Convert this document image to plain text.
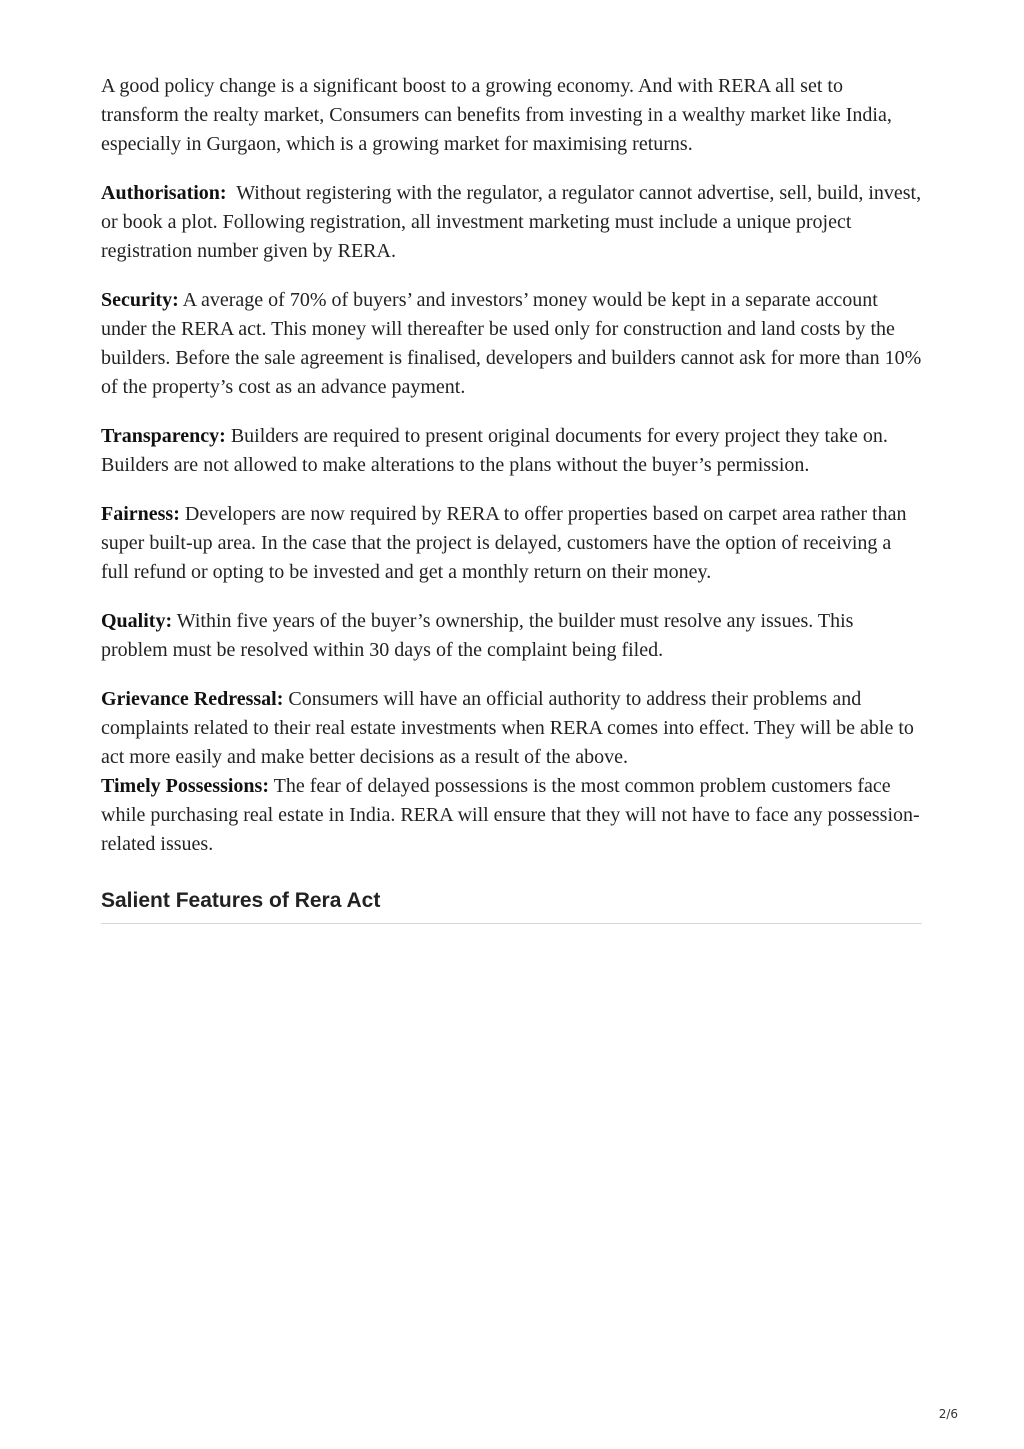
A good policy change is a significant boost to a growing economy. And with RERA all set to transform the realty market, Consumers can benefits from investing in a wealthy market like India, especially in Gurgaon, which is a growing market for maximising returns.

Authorisation:  Without registering with the regulator, a regulator cannot advertise, sell, build, invest, or book a plot. Following registration, all investment marketing must include a unique project registration number given by RERA.

Security: A average of 70% of buyers’ and investors’ money would be kept in a separate account under the RERA act. This money will thereafter be used only for construction and land costs by the builders. Before the sale agreement is finalised, developers and builders cannot ask for more than 10% of the property’s cost as an advance payment.

Transparency: Builders are required to present original documents for every project they take on. Builders are not allowed to make alterations to the plans without the buyer’s permission.

Fairness: Developers are now required by RERA to offer properties based on carpet area rather than super built-up area. In the case that the project is delayed, customers have the option of receiving a full refund or opting to be invested and get a monthly return on their money.

Quality: Within five years of the buyer’s ownership, the builder must resolve any issues. This problem must be resolved within 30 days of the complaint being filed.

Grievance Redressal: Consumers will have an official authority to address their problems and complaints related to their real estate investments when RERA comes into effect. They will be able to act more easily and make better decisions as a result of the above.

Timely Possessions: The fear of delayed possessions is the most common problem customers face while purchasing real estate in India. RERA will ensure that they will not have to face any possession-related issues.

Salient Features of Rera Act
2/6
